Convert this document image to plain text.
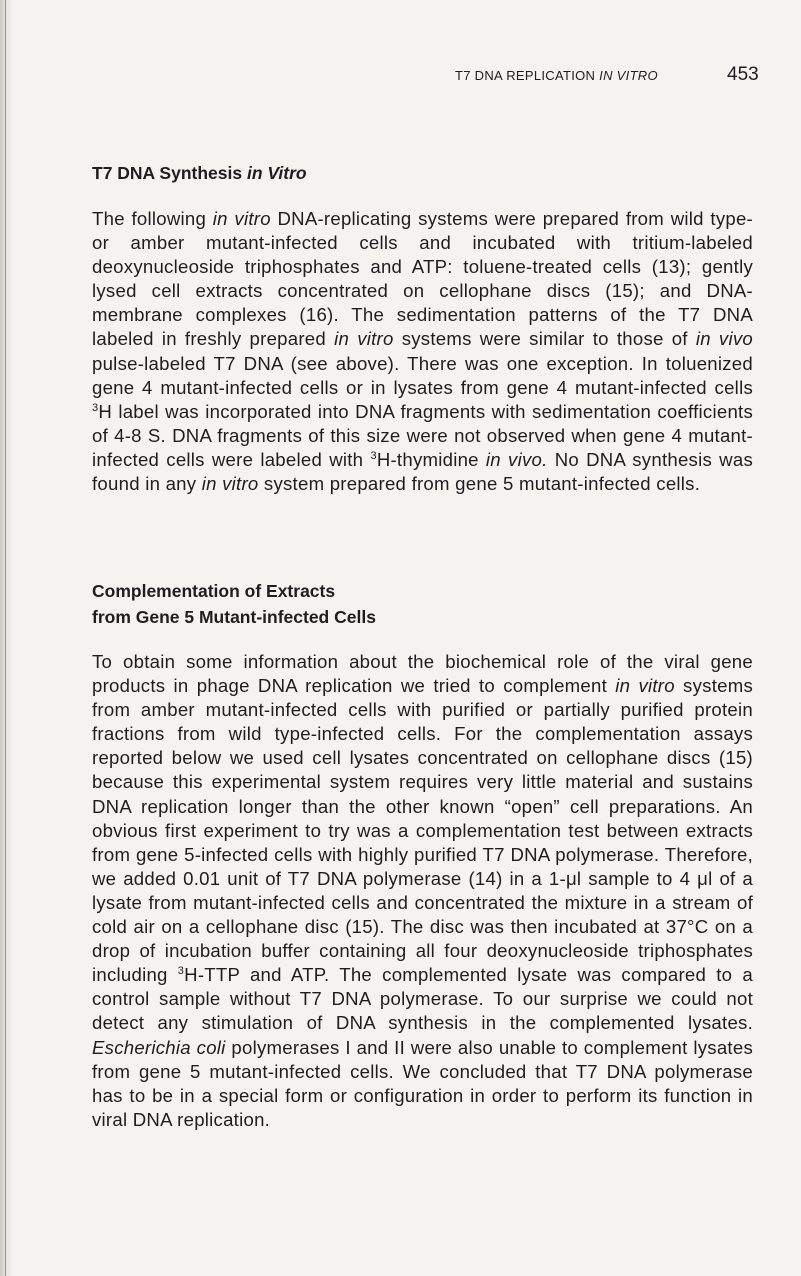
T7 DNA REPLICATION IN VITRO	453
T7 DNA Synthesis in Vitro
The following in vitro DNA-replicating systems were prepared from wild type- or amber mutant-infected cells and incubated with tritium-labeled deoxynucleoside triphosphates and ATP: toluene-treated cells (13); gently lysed cell extracts concentrated on cellophane discs (15); and DNA-membrane complexes (16). The sedimentation patterns of the T7 DNA labeled in freshly prepared in vitro systems were similar to those of in vivo pulse-labeled T7 DNA (see above). There was one exception. In toluenized gene 4 mutant-infected cells or in lysates from gene 4 mutant-infected cells $^3$H label was incorporated into DNA fragments with sedimentation coefficients of 4-8 S. DNA fragments of this size were not observed when gene 4 mutant-infected cells were labeled with $^3$H-thymidine in vivo. No DNA synthesis was found in any in vitro system prepared from gene 5 mutant-infected cells.
Complementation of Extracts
from Gene 5 Mutant-infected Cells
To obtain some information about the biochemical role of the viral gene products in phage DNA replication we tried to complement in vitro systems from amber mutant-infected cells with purified or partially purified protein fractions from wild type-infected cells. For the complementation assays reported below we used cell lysates concentrated on cellophane discs (15) because this experimental system requires very little material and sustains DNA replication longer than the other known “open” cell preparations. An obvious first experiment to try was a complementation test between extracts from gene 5-infected cells with highly purified T7 DNA polymerase. Therefore, we added 0.01 unit of T7 DNA polymerase (14) in a 1-μl sample to 4 μl of a lysate from mutant-infected cells and concentrated the mixture in a stream of cold air on a cellophane disc (15). The disc was then incubated at 37°C on a drop of incubation buffer containing all four deoxynucleoside triphosphates including $^3$H-TTP and ATP. The complemented lysate was compared to a control sample without T7 DNA polymerase. To our surprise we could not detect any stimulation of DNA synthesis in the complemented lysates. Escherichia coli polymerases I and II were also unable to complement lysates from gene 5 mutant-infected cells. We concluded that T7 DNA polymerase has to be in a special form or configuration in order to perform its function in viral DNA replication.
